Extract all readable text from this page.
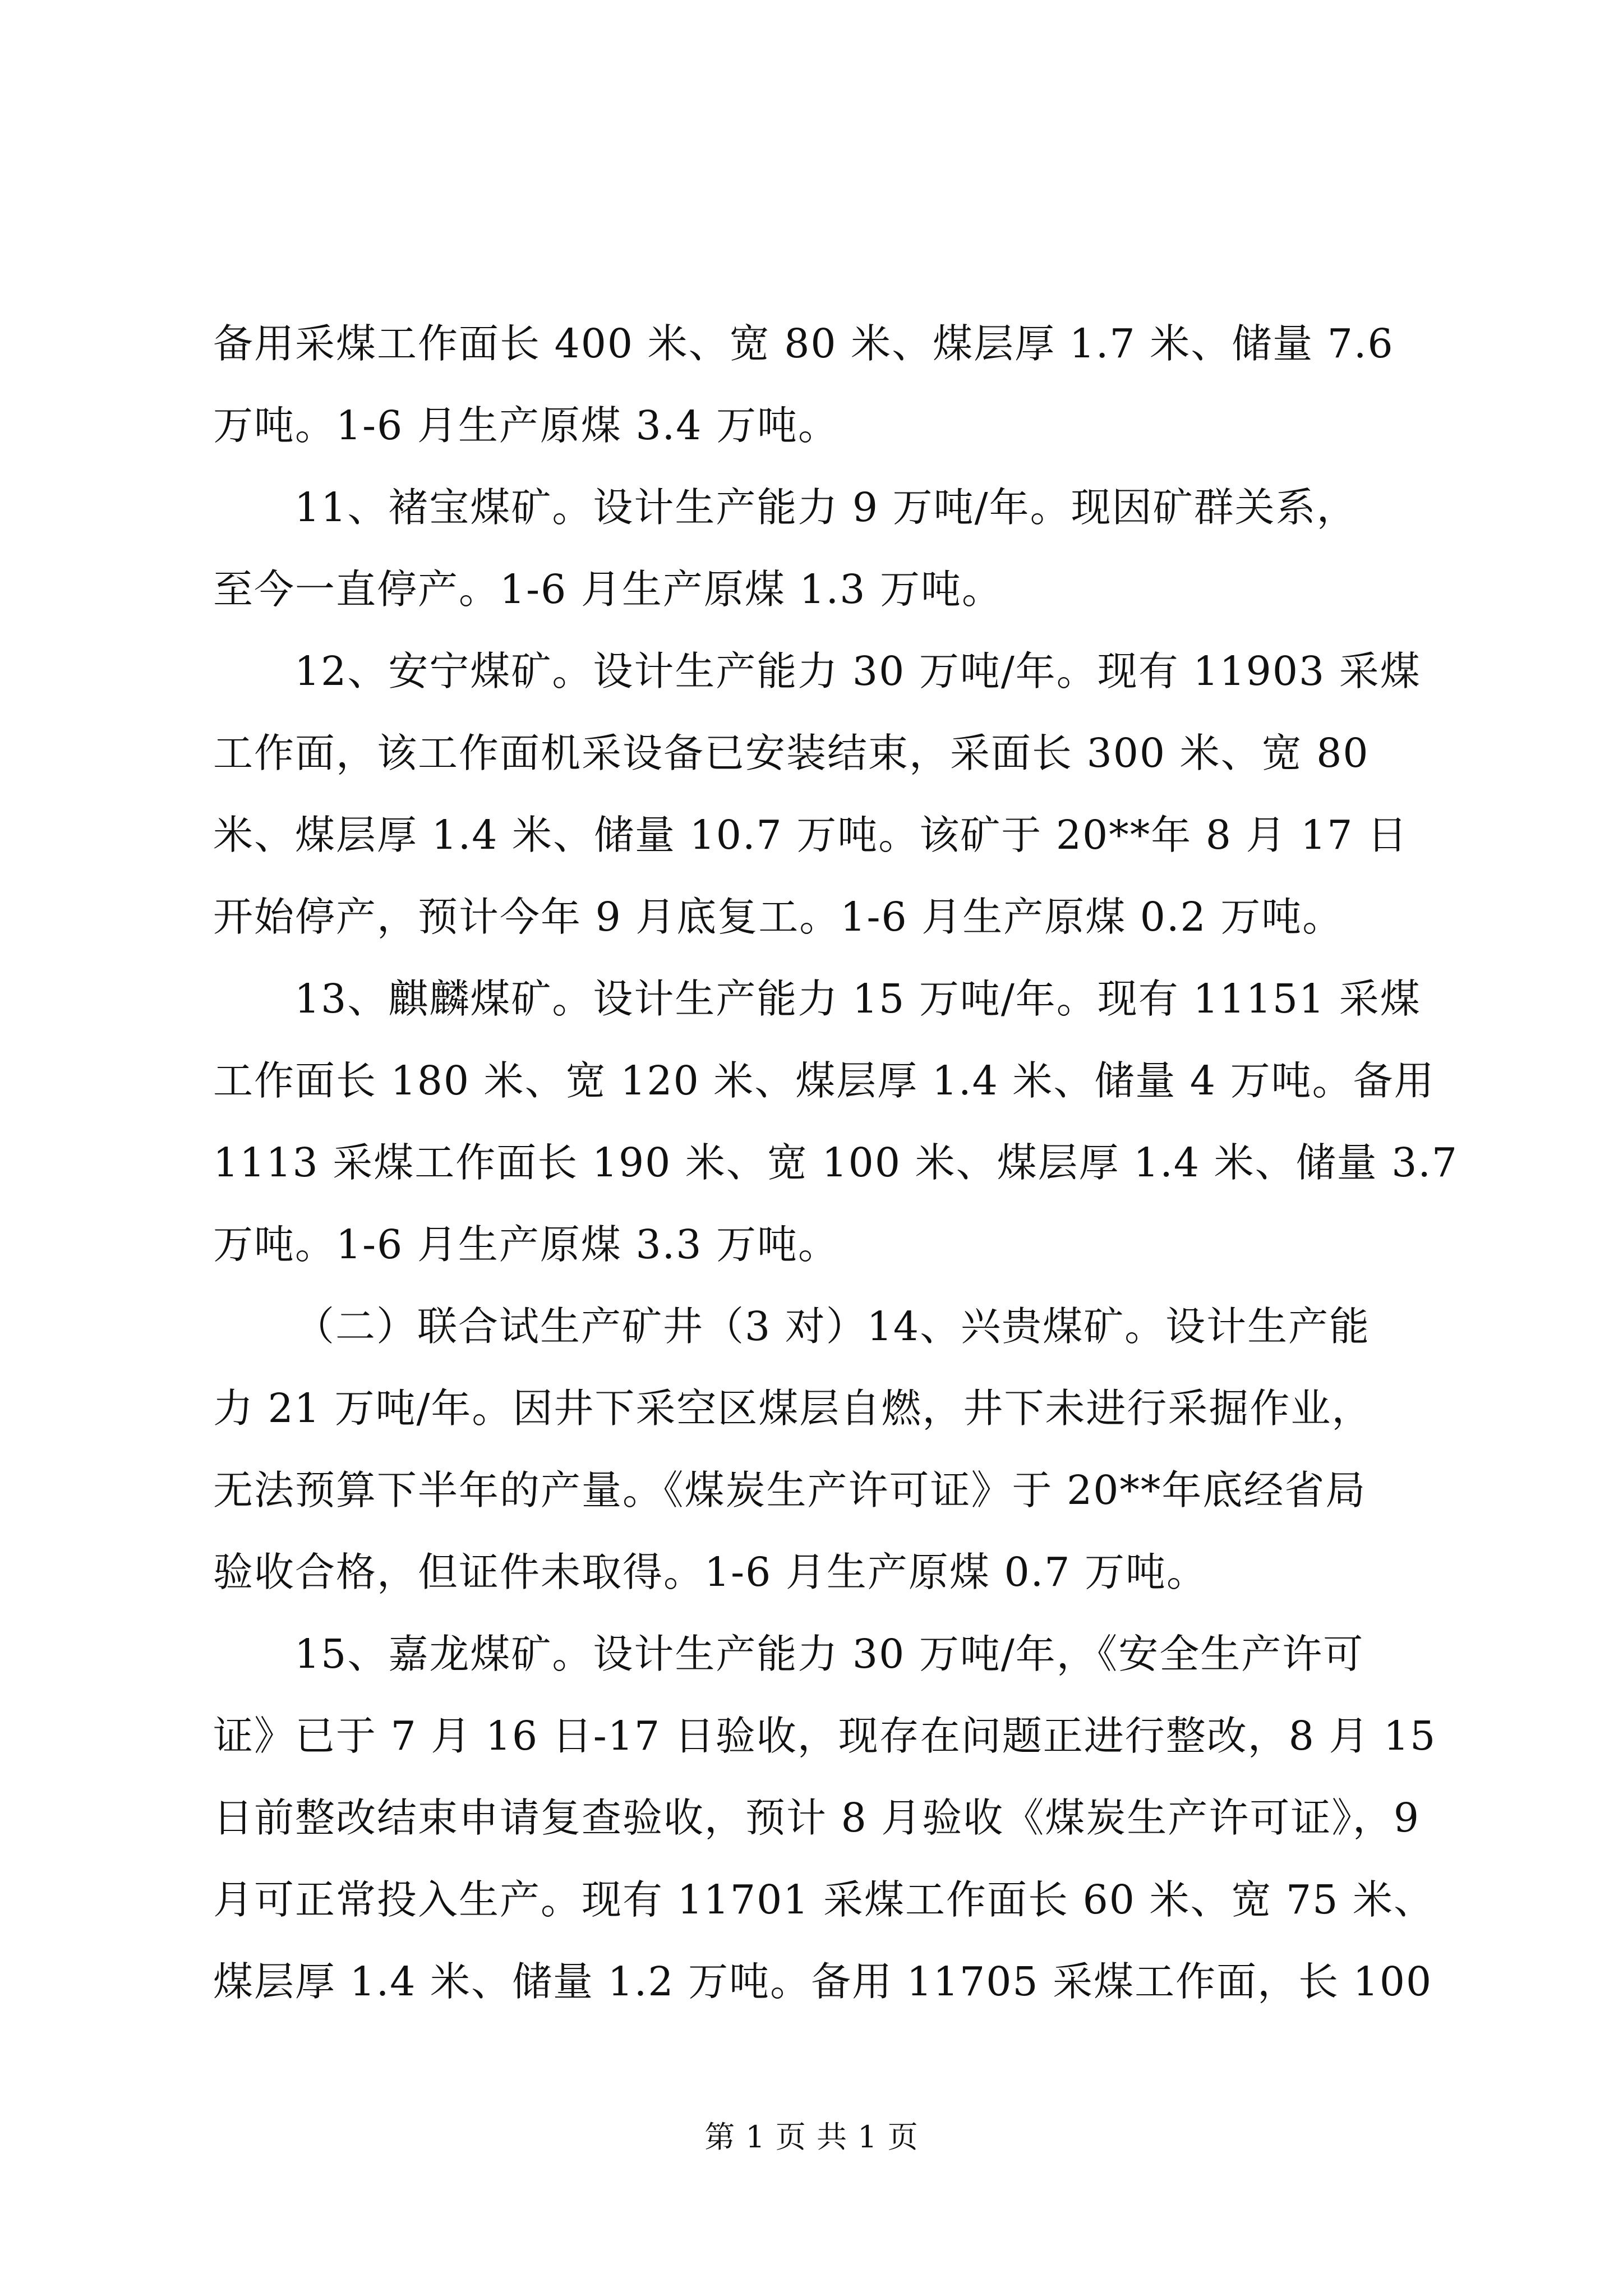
备用采煤工作面长 400 米、宽 80 米、煤层厚 1.7 米、储量 7.6
万吨。1-6 月生产原煤 3.4 万吨。

11、褚宝煤矿。设计生产能力 9 万吨/年。现因矿群关系，
至今一直停产。1-6 月生产原煤 1.3 万吨。

12、安宁煤矿。设计生产能力 30 万吨/年。现有 11903 采煤
工作面，该工作面机采设备已安装结束，采面长 300 米、宽 80
米、煤层厚 1.4 米、储量 10.7 万吨。该矿于 20**年 8 月 17 日
开始停产，预计今年 9 月底复工。1-6 月生产原煤 0.2 万吨。

13、麒麟煤矿。设计生产能力 15 万吨/年。现有 11151 采煤
工作面长 180 米、宽 120 米、煤层厚 1.4 米、储量 4 万吨。备用
1113 采煤工作面长 190 米、宽 100 米、煤层厚 1.4 米、储量 3.7
万吨。1-6 月生产原煤 3.3 万吨。

（二）联合试生产矿井（3 对）14、兴贵煤矿。设计生产能
力 21 万吨/年。因井下采空区煤层自燃，井下未进行采掘作业，
无法预算下半年的产量。《煤炭生产许可证》于 20**年底经省局
验收合格，但证件未取得。1-6 月生产原煤 0.7 万吨。

15、嘉龙煤矿。设计生产能力 30 万吨/年，《安全生产许可
证》已于 7 月 16 日-17 日验收，现存在问题正进行整改，8 月 15
日前整改结束申请复查验收，预计 8 月验收《煤炭生产许可证》，9
月可正常投入生产。现有 11701 采煤工作面长 60 米、宽 75 米、
煤层厚 1.4 米、储量 1.2 万吨。备用 11705 采煤工作面，长 100

第 1 页 共 1 页
